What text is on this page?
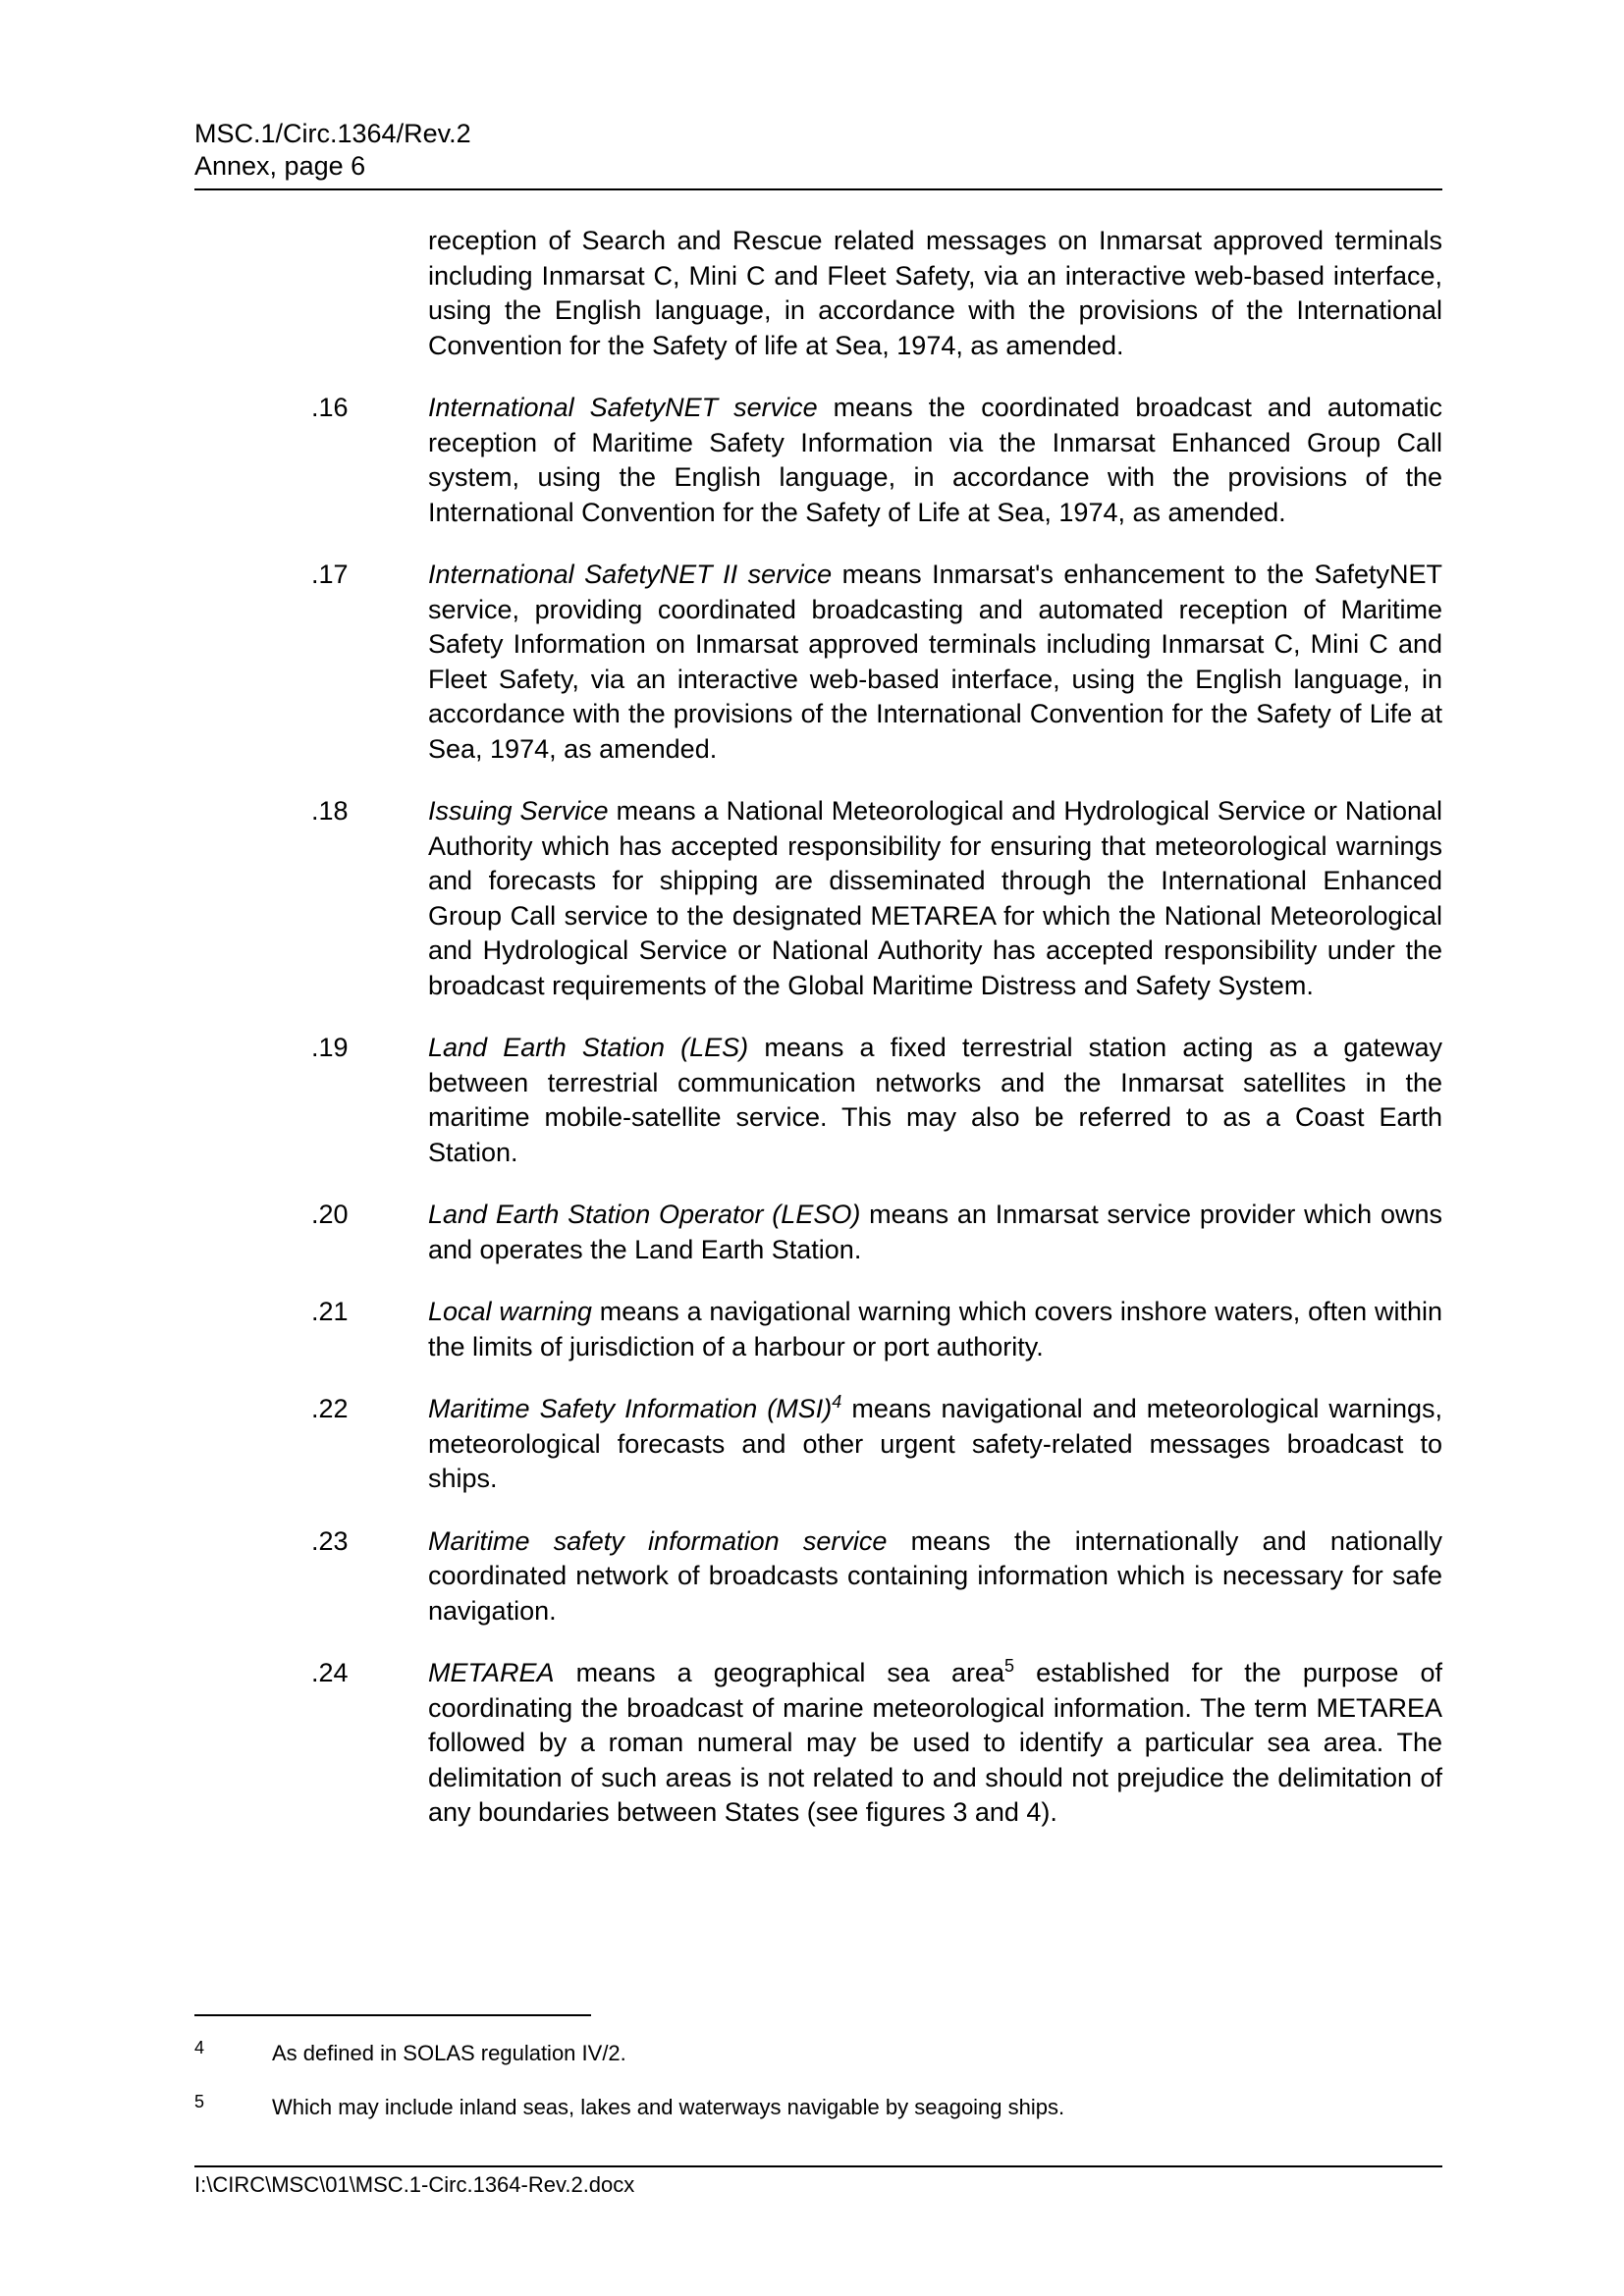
MSC.1/Circ.1364/Rev.2
Annex, page 6
reception of Search and Rescue related messages on Inmarsat approved terminals including Inmarsat C, Mini C and Fleet Safety, via an interactive web-based interface, using the English language, in accordance with the provisions of the International Convention for the Safety of life at Sea, 1974, as amended.
.16	International SafetyNET service means the coordinated broadcast and automatic reception of Maritime Safety Information via the Inmarsat Enhanced Group Call system, using the English language, in accordance with the provisions of the International Convention for the Safety of Life at Sea, 1974, as amended.
.17	International SafetyNET II service means Inmarsat's enhancement to the SafetyNET service, providing coordinated broadcasting and automated reception of Maritime Safety Information on Inmarsat approved terminals including Inmarsat C, Mini C and Fleet Safety, via an interactive web-based interface, using the English language, in accordance with the provisions of the International Convention for the Safety of Life at Sea, 1974, as amended.
.18	Issuing Service means a National Meteorological and Hydrological Service or National Authority which has accepted responsibility for ensuring that meteorological warnings and forecasts for shipping are disseminated through the International Enhanced Group Call service to the designated METAREA for which the National Meteorological and Hydrological Service or National Authority has accepted responsibility under the broadcast requirements of the Global Maritime Distress and Safety System.
.19	Land Earth Station (LES) means a fixed terrestrial station acting as a gateway between terrestrial communication networks and the Inmarsat satellites in the maritime mobile-satellite service. This may also be referred to as a Coast Earth Station.
.20	Land Earth Station Operator (LESO) means an Inmarsat service provider which owns and operates the Land Earth Station.
.21	Local warning means a navigational warning which covers inshore waters, often within the limits of jurisdiction of a harbour or port authority.
.22	Maritime Safety Information (MSI)$^4$ means navigational and meteorological warnings, meteorological forecasts and other urgent safety-related messages broadcast to ships.
.23	Maritime safety information service means the internationally and nationally coordinated network of broadcasts containing information which is necessary for safe navigation.
.24	METAREA means a geographical sea area$^5$ established for the purpose of coordinating the broadcast of marine meteorological information. The term METAREA followed by a roman numeral may be used to identify a particular sea area. The delimitation of such areas is not related to and should not prejudice the delimitation of any boundaries between States (see figures 3 and 4).
4	As defined in SOLAS regulation IV/2.
5	Which may include inland seas, lakes and waterways navigable by seagoing ships.
I:\CIRC\MSC\01\MSC.1-Circ.1364-Rev.2.docx
